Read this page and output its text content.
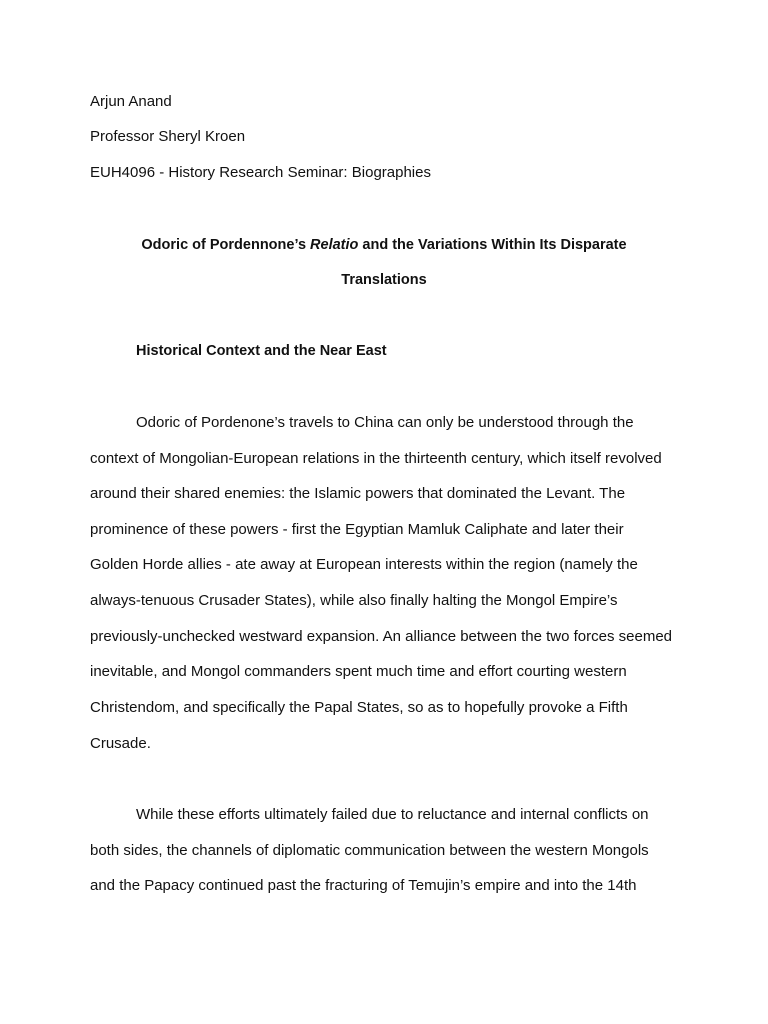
Arjun Anand
Professor Sheryl Kroen
EUH4096 - History Research Seminar: Biographies
Odoric of Pordennone’s Relatio and the Variations Within Its Disparate
Translations
Historical Context and the Near East
Odoric of Pordenone’s travels to China can only be understood through the
context of Mongolian-European relations in the thirteenth century, which itself revolved
around their shared enemies: the Islamic powers that dominated the Levant. The
prominence of these powers - first the Egyptian Mamluk Caliphate and later their
Golden Horde allies - ate away at European interests within the region (namely the
always-tenuous Crusader States), while also finally halting the Mongol Empire’s
previously-unchecked westward expansion. An alliance between the two forces seemed
inevitable, and Mongol commanders spent much time and effort courting western
Christendom, and specifically the Papal States, so as to hopefully provoke a Fifth
Crusade.
While these efforts ultimately failed due to reluctance and internal conflicts on
both sides, the channels of diplomatic communication between the western Mongols
and the Papacy continued past the fracturing of Temujin’s empire and into the 14th
